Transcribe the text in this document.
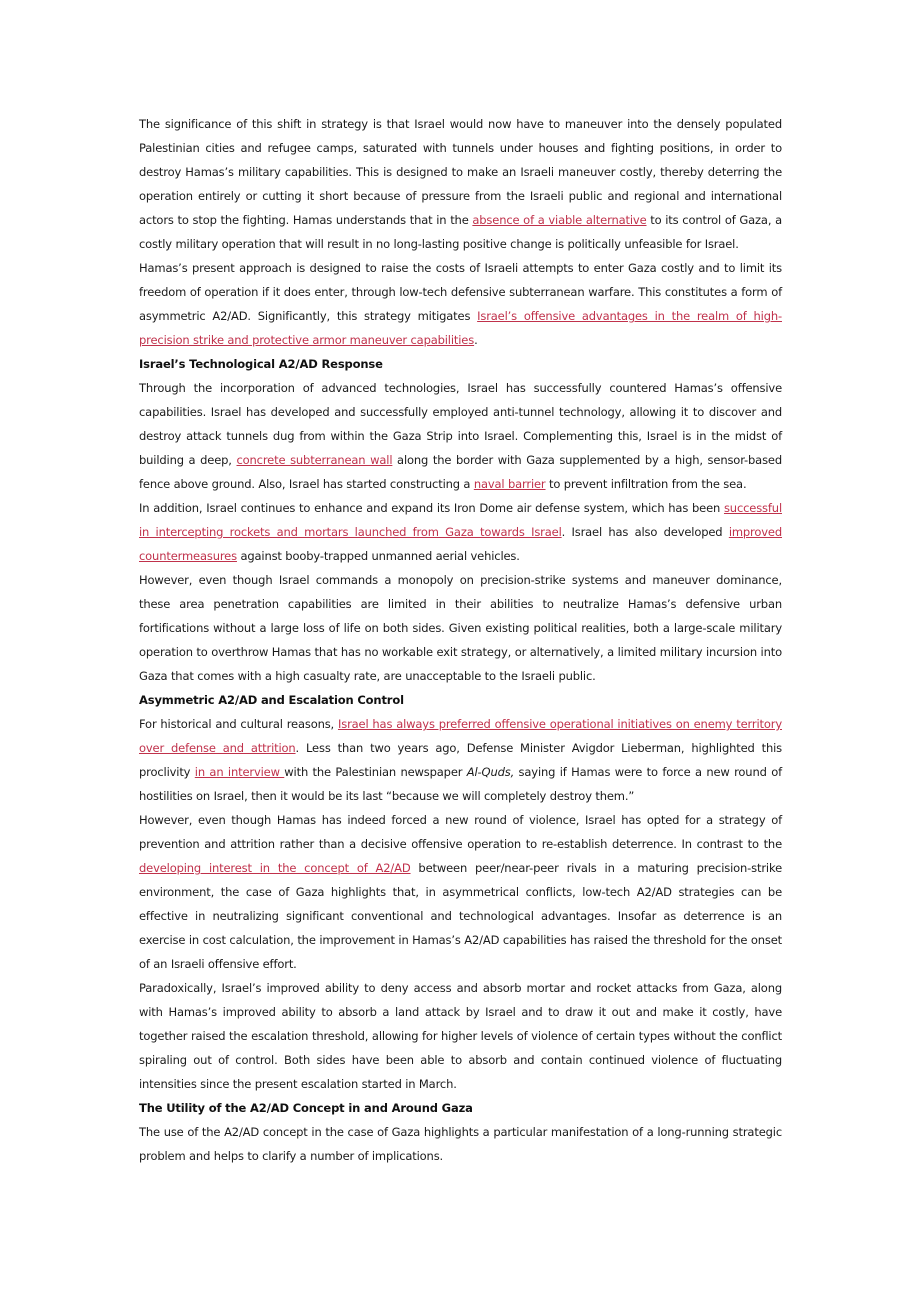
The significance of this shift in strategy is that Israel would now have to maneuver into the densely populated Palestinian cities and refugee camps, saturated with tunnels under houses and fighting positions, in order to destroy Hamas’s military capabilities. This is designed to make an Israeli maneuver costly, thereby deterring the operation entirely or cutting it short because of pressure from the Israeli public and regional and international actors to stop the fighting. Hamas understands that in the absence of a viable alternative to its control of Gaza, a costly military operation that will result in no long-lasting positive change is politically unfeasible for Israel.

Hamas’s present approach is designed to raise the costs of Israeli attempts to enter Gaza costly and to limit its freedom of operation if it does enter, through low-tech defensive subterranean warfare. This constitutes a form of asymmetric A2/AD. Significantly, this strategy mitigates Israel’s offensive advantages in the realm of high-precision strike and protective armor maneuver capabilities.

Israel’s Technological A2/AD Response

Through the incorporation of advanced technologies, Israel has successfully countered Hamas’s offensive capabilities. Israel has developed and successfully employed anti-tunnel technology, allowing it to discover and destroy attack tunnels dug from within the Gaza Strip into Israel. Complementing this, Israel is in the midst of building a deep, concrete subterranean wall along the border with Gaza supplemented by a high, sensor-based fence above ground. Also, Israel has started constructing a naval barrier to prevent infiltration from the sea.

In addition, Israel continues to enhance and expand its Iron Dome air defense system, which has been successful in intercepting rockets and mortars launched from Gaza towards Israel. Israel has also developed improved countermeasures against booby-trapped unmanned aerial vehicles.

However, even though Israel commands a monopoly on precision-strike systems and maneuver dominance, these area penetration capabilities are limited in their abilities to neutralize Hamas’s defensive urban fortifications without a large loss of life on both sides. Given existing political realities, both a large-scale military operation to overthrow Hamas that has no workable exit strategy, or alternatively, a limited military incursion into Gaza that comes with a high casualty rate, are unacceptable to the Israeli public.

Asymmetric A2/AD and Escalation Control

For historical and cultural reasons, Israel has always preferred offensive operational initiatives on enemy territory over defense and attrition. Less than two years ago, Defense Minister Avigdor Lieberman, highlighted this proclivity in an interview with the Palestinian newspaper Al-Quds, saying if Hamas were to force a new round of hostilities on Israel, then it would be its last “because we will completely destroy them.”

However, even though Hamas has indeed forced a new round of violence, Israel has opted for a strategy of prevention and attrition rather than a decisive offensive operation to re-establish deterrence. In contrast to the developing interest in the concept of A2/AD between peer/near-peer rivals in a maturing precision-strike environment, the case of Gaza highlights that, in asymmetrical conflicts, low-tech A2/AD strategies can be effective in neutralizing significant conventional and technological advantages. Insofar as deterrence is an exercise in cost calculation, the improvement in Hamas’s A2/AD capabilities has raised the threshold for the onset of an Israeli offensive effort.

Paradoxically, Israel’s improved ability to deny access and absorb mortar and rocket attacks from Gaza, along with Hamas’s improved ability to absorb a land attack by Israel and to draw it out and make it costly, have together raised the escalation threshold, allowing for higher levels of violence of certain types without the conflict spiraling out of control. Both sides have been able to absorb and contain continued violence of fluctuating intensities since the present escalation started in March.

The Utility of the A2/AD Concept in and Around Gaza

The use of the A2/AD concept in the case of Gaza highlights a particular manifestation of a long-running strategic problem and helps to clarify a number of implications.
